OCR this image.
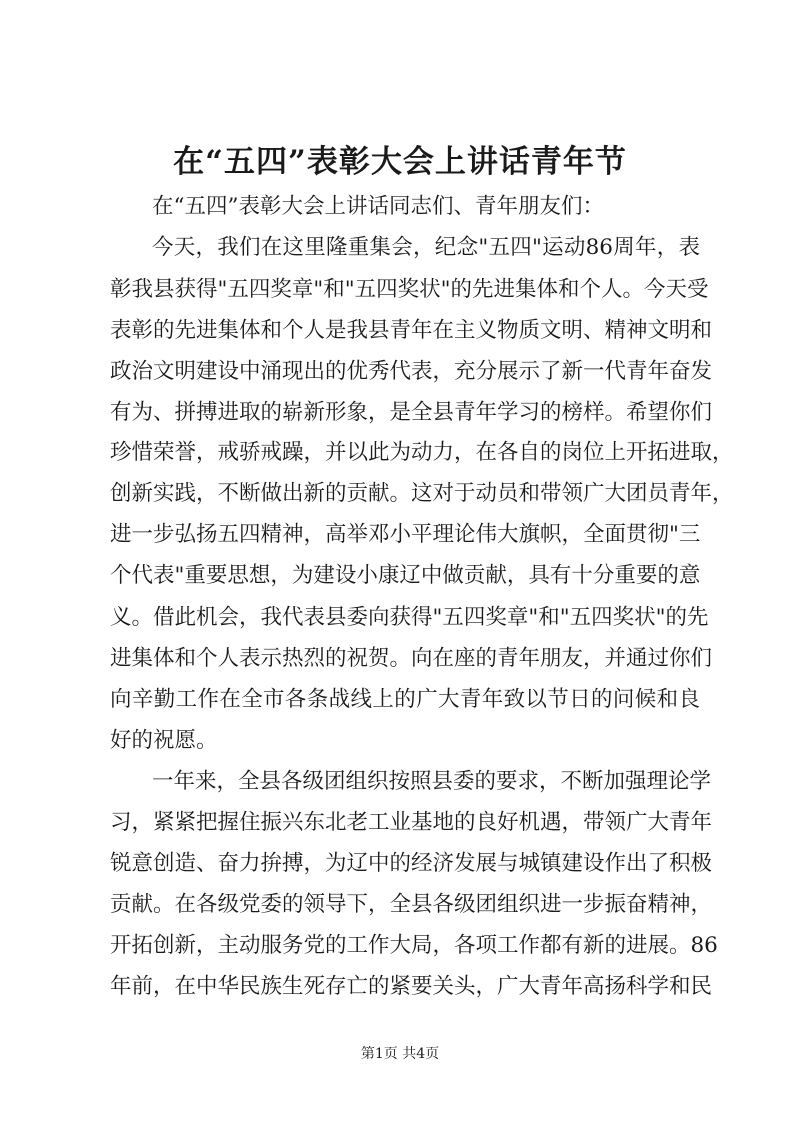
在“五四”表彰大会上讲话青年节
在“五四”表彰大会上讲话同志们、青年朋友们：
今天，我们在这里隆重集会，纪念"五四"运动86周年，表
彰我县获得"五四奖章"和"五四奖状"的先进集体和个人。今天受
表彰的先进集体和个人是我县青年在主义物质文明、精神文明和
政治文明建设中涌现出的优秀代表，充分展示了新一代青年奋发
有为、拼搏进取的崭新形象，是全县青年学习的榜样。希望你们
珍惜荣誉，戒骄戒躁，并以此为动力，在各自的岗位上开拓进取，
创新实践，不断做出新的贡献。这对于动员和带领广大团员青年，
进一步弘扬五四精神，高举邓小平理论伟大旗帜，全面贯彻"三
个代表"重要思想，为建设小康辽中做贡献，具有十分重要的意
义。借此机会，我代表县委向获得"五四奖章"和"五四奖状"的先
进集体和个人表示热烈的祝贺。向在座的青年朋友，并通过你们
向辛勤工作在全市各条战线上的广大青年致以节日的问候和良
好的祝愿。
一年来，全县各级团组织按照县委的要求，不断加强理论学
习，紧紧把握住振兴东北老工业基地的良好机遇，带领广大青年
锐意创造、奋力拚搏，为辽中的经济发展与城镇建设作出了积极
贡献。在各级党委的领导下，全县各级团组织进一步振奋精神，
开拓创新，主动服务党的工作大局，各项工作都有新的进展。86
年前，在中华民族生死存亡的紧要关头，广大青年高扬科学和民
第1页 共4页
